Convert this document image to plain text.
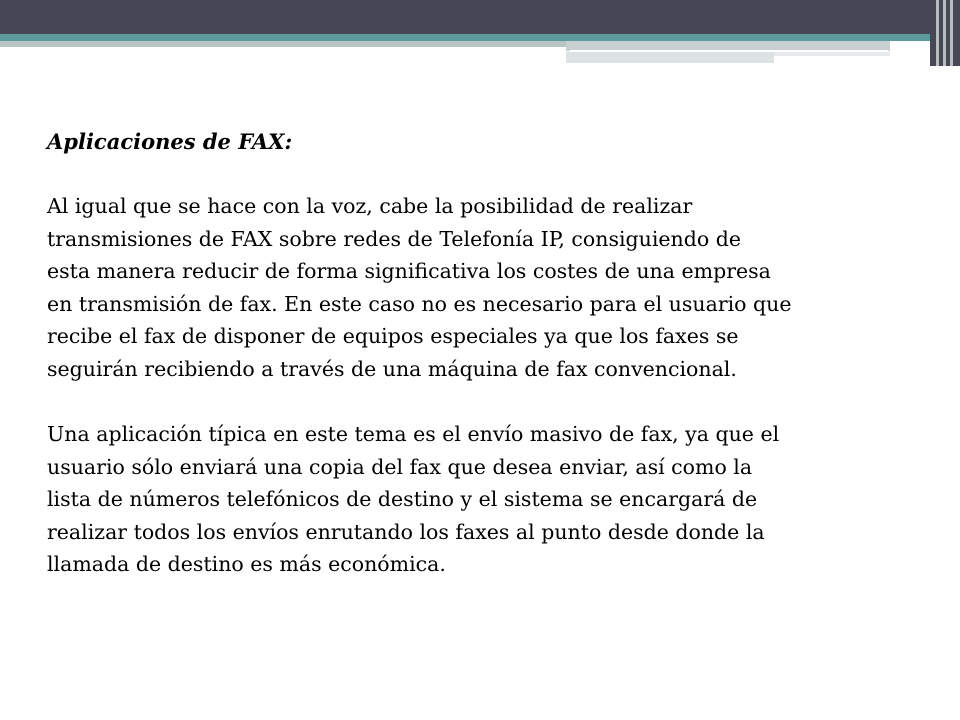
Aplicaciones de FAX:
Al igual que se hace con la voz, cabe la posibilidad de realizar
transmisiones de FAX sobre redes de Telefonía IP, consiguiendo de
esta manera reducir de forma significativa los costes de una empresa
en transmisión de fax. En este caso no es necesario para el usuario que
recibe el fax de disponer de equipos especiales ya que los faxes se
seguirán recibiendo a través de una máquina de fax convencional.
Una aplicación típica en este tema es el envío masivo de fax, ya que el
usuario sólo enviará una copia del fax que desea enviar, así como la
lista de números telefónicos de destino y el sistema se encargará de
realizar todos los envíos enrutando los faxes al punto desde donde la
llamada de destino es más económica.
